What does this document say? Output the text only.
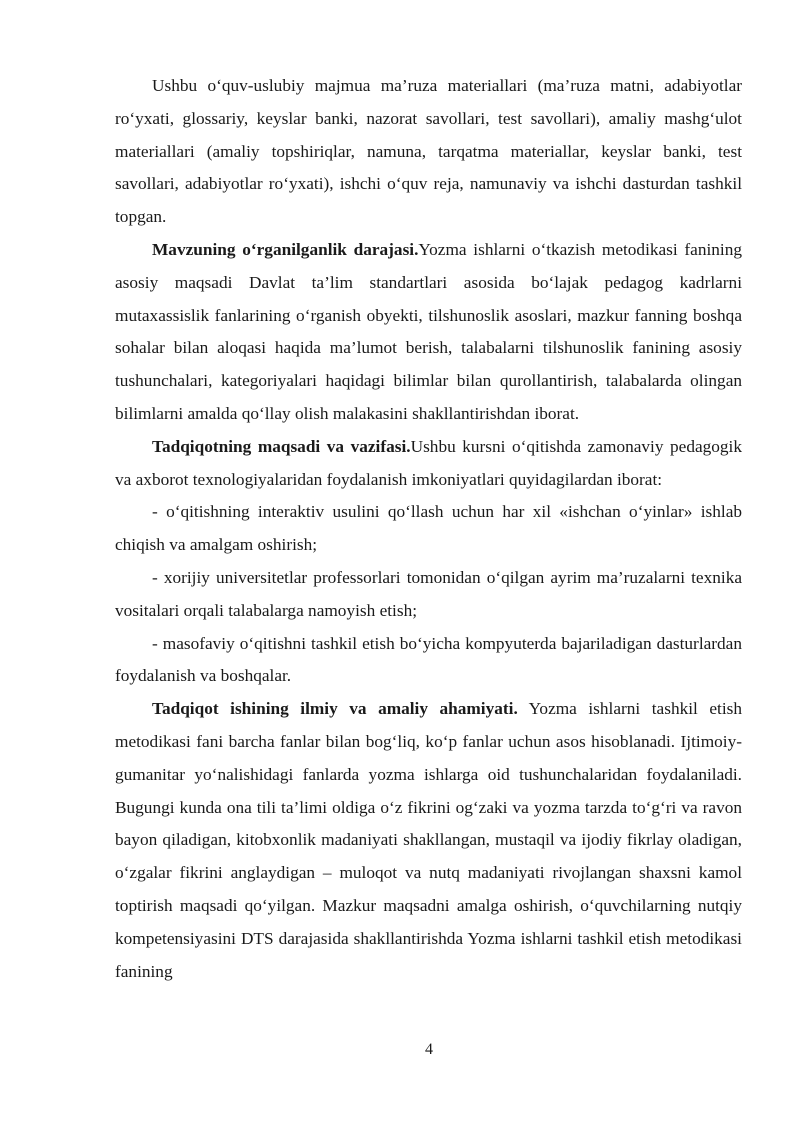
Ushbu o‘quv-uslubiy majmua ma’ruza materiallari (ma’ruza matni, adabiyotlar ro‘yxati, glossariy, keyslar banki, nazorat savollari, test savollari), amaliy mashg‘ulot materiallari (amaliy topshiriqlar, namuna, tarqatma materiallar, keyslar banki, test savollari, adabiyotlar ro‘yxati), ishchi o‘quv reja, namunaviy va ishchi dasturdan tashkil topgan.

Mavzuning o‘rganilganlik darajasi.Yozma ishlarni o‘tkazish metodikasi fanining asosiy maqsadi Davlat ta’lim standartlari asosida bo‘lajak pedagog kadrlarni mutaxassislik fanlarining o‘rganish obyekti, tilshunoslik asoslari, mazkur fanning boshqa sohalar bilan aloqasi haqida ma’lumot berish, talabalarni tilshunoslik fanining asosiy tushunchalari, kategoriyalari haqidagi bilimlar bilan qurollantirish, talabalarda olingan bilimlarni amalda qo‘llay olish malakasini shakllantirishdan iborat.

Tadqiqotning maqsadi va vazifasi.Ushbu kursni o‘qitishda zamonaviy pedagogik va axborot texnologiyalaridan foydalanish imkoniyatlari quyidagilardan iborat:

- o‘qitishning interaktiv usulini qo‘llash uchun har xil «ishchan o‘yinlar» ishlab chiqish va amalgam oshirish;

- xorijiy universitetlar professorlari tomonidan o‘qilgan ayrim ma’ruzalarni texnika vositalari orqali talabalarga namoyish etish;

- masofaviy o‘qitishni tashkil etish bo‘yicha kompyuterda bajariladigan dasturlardan foydalanish va boshqalar.

Tadqiqot ishining ilmiy va amaliy ahamiyati. Yozma ishlarni tashkil etish metodikasi fani barcha fanlar bilan bog‘liq, ko‘p fanlar uchun asos hisoblanadi. Ijtimoiy-gumanitar yo‘nalishidagi fanlarda yozma ishlarga oid tushunchalaridan foydalaniladi. Bugungi kunda ona tili ta’limi oldiga o‘z fikrini og‘zaki va yozma tarzda to‘g‘ri va ravon bayon qiladigan, kitobxonlik madaniyati shakllangan, mustaqil va ijodiy fikrlay oladigan, o‘zgalar fikrini anglaydigan – muloqot va nutq madaniyati rivojlangan shaxsni kamol toptirish maqsadi qo‘yilgan. Mazkur maqsadni amalga oshirish, o‘quvchilarning nutqiy kompetensiyasini DTS darajasida shakllantirishda Yozma ishlarni tashkil etish metodikasi fanining

4
